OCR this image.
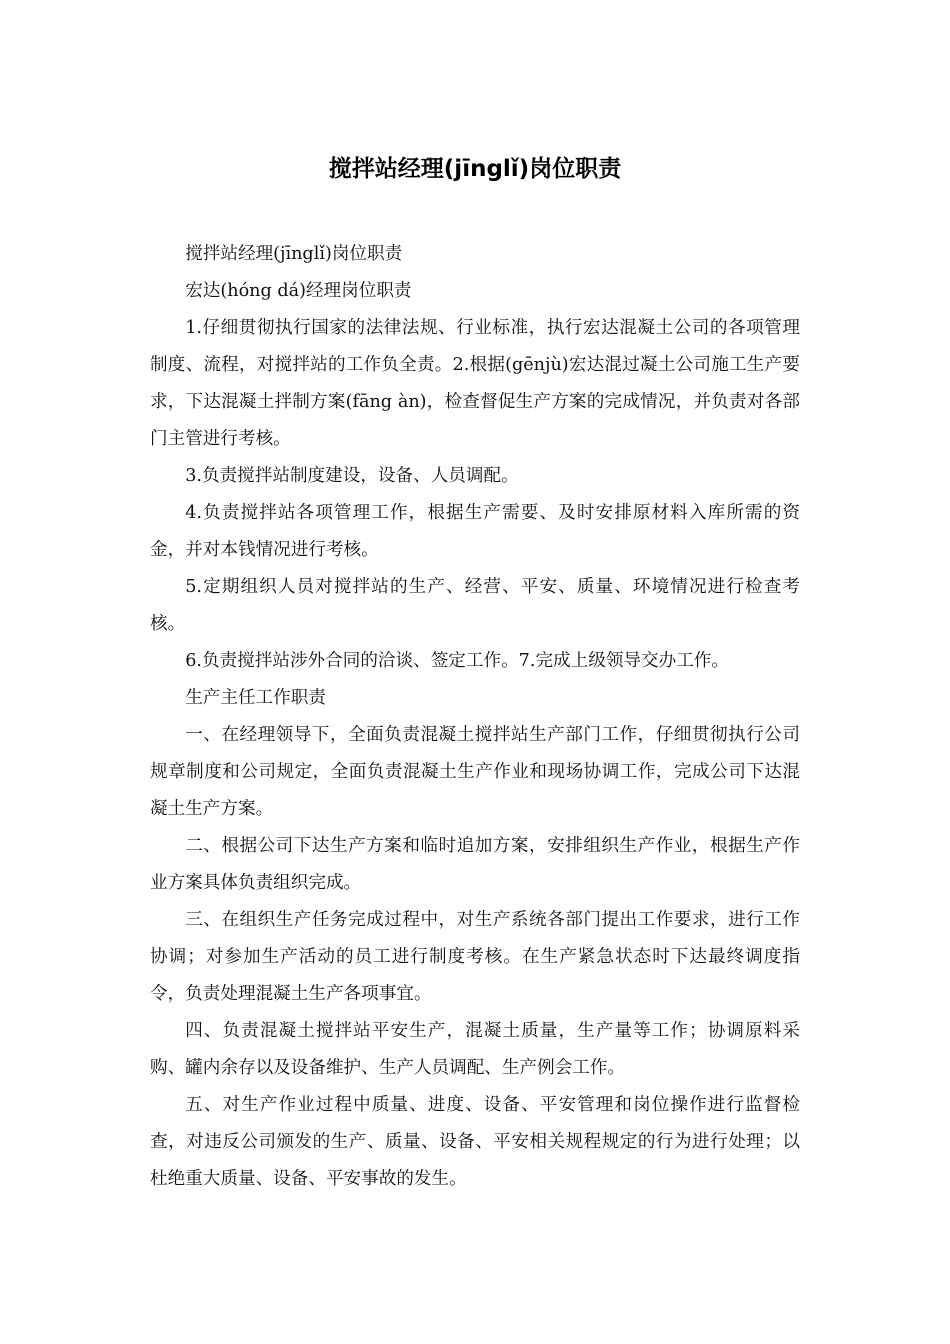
搅拌站经理(jīnglǐ)岗位职责

搅拌站经理(jīnglǐ)岗位职责

宏达(hóng dá)经理岗位职责

1.仔细贯彻执行国家的法律法规、行业标准，执行宏达混凝土公司的各项管理制度、流程，对搅拌站的工作负全责。2.根据(gēnjù)宏达混过凝土公司施工生产要求，下达混凝土拌制方案(fāng àn)，检查督促生产方案的完成情况，并负责对各部门主管进行考核。

3.负责搅拌站制度建设，设备、人员调配。

4.负责搅拌站各项管理工作，根据生产需要、及时安排原材料入库所需的资金，并对本钱情况进行考核。

5.定期组织人员对搅拌站的生产、经营、平安、质量、环境情况进行检查考核。

6.负责搅拌站涉外合同的洽谈、签定工作。7.完成上级领导交办工作。

生产主任工作职责

一、在经理领导下，全面负责混凝土搅拌站生产部门工作，仔细贯彻执行公司规章制度和公司规定，全面负责混凝土生产作业和现场协调工作，完成公司下达混凝土生产方案。

二、根据公司下达生产方案和临时追加方案，安排组织生产作业，根据生产作业方案具体负责组织完成。

三、在组织生产任务完成过程中，对生产系统各部门提出工作要求，进行工作协调；对参加生产活动的员工进行制度考核。在生产紧急状态时下达最终调度指令，负责处理混凝土生产各项事宜。

四、负责混凝土搅拌站平安生产，混凝土质量，生产量等工作；协调原料采购、罐内余存以及设备维护、生产人员调配、生产例会工作。

五、对生产作业过程中质量、进度、设备、平安管理和岗位操作进行监督检查，对违反公司颁发的生产、质量、设备、平安相关规程规定的行为进行处理；以杜绝重大质量、设备、平安事故的发生。
